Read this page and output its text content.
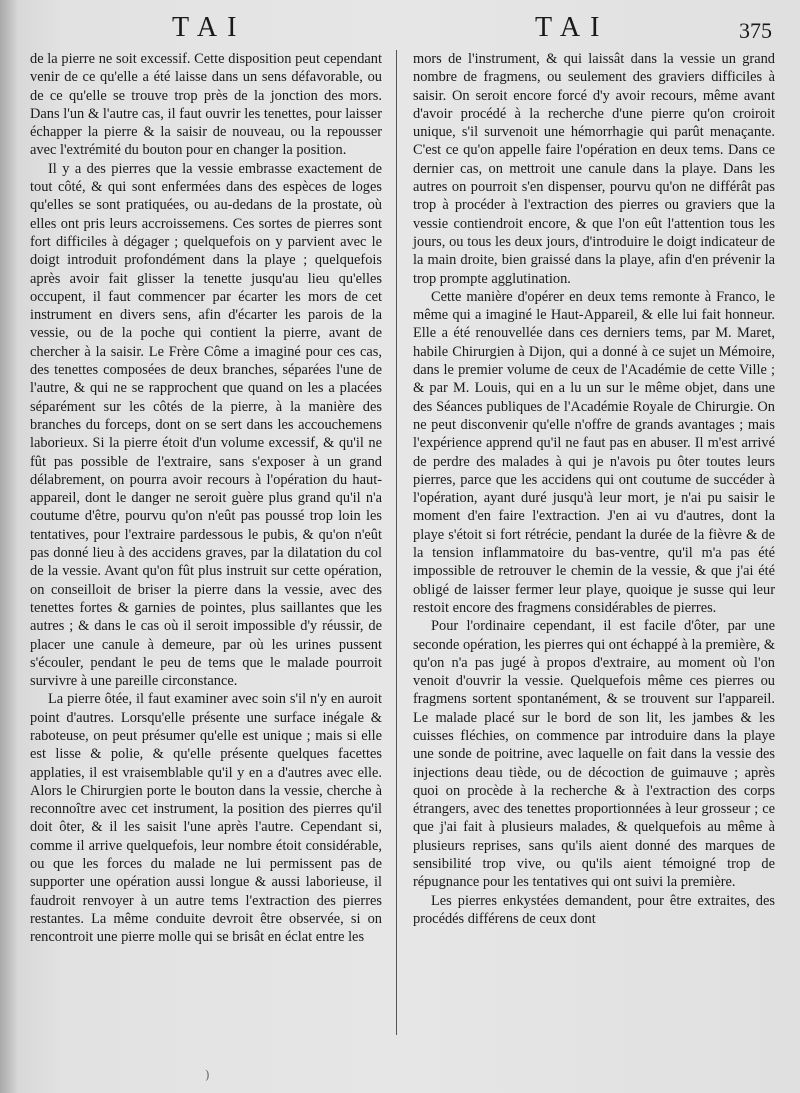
TAI	TAI	375

de la pierre ne soit excessif. Cette disposition peut cependant venir de ce qu'elle a été laisse dans un sens défavorable, ou de ce qu'elle se trouve trop près de la jonction des mors. Dans l'un & l'autre cas, il faut ouvrir les tenettes, pour laisser échapper la pierre & la saisir de nouveau, ou la repousser avec l'extrémité du bouton pour en changer la position.

Il y a des pierres que la vessie embrasse exactement de tout côté, & qui sont enfermées dans des espèces de loges qu'elles se sont pratiquées, ou au-dedans de la prostate, où elles ont pris leurs accroissemens. Ces sortes de pierres sont fort difficiles à dégager ; quelquefois on y parvient avec le doigt introduit profondément dans la playe ; quelquefois après avoir fait glisser la tenette jusqu'au lieu qu'elles occupent, il faut commencer par écarter les mors de cet instrument en divers sens, afin d'écarter les parois de la vessie, ou de la poche qui contient la pierre, avant de chercher à la saisir. Le Frère Côme a imaginé pour ces cas, des tenettes composées de deux branches, séparées l'une de l'autre, & qui ne se rapprochent que quand on les a placées séparément sur les côtés de la pierre, à la manière des branches du forceps, dont on se sert dans les accouchemens laborieux. Si la pierre étoit d'un volume excessif, & qu'il ne fût pas possible de l'extraire, sans s'exposer à un grand délabrement, on pourra avoir recours à l'opération du haut-appareil, dont le danger ne seroit guère plus grand qu'il n'a coutume d'être, pourvu qu'on n'eût pas poussé trop loin les tentatives, pour l'extraire pardessous le pubis, & qu'on n'eût pas donné lieu à des accidens graves, par la dilatation du col de la vessie. Avant qu'on fût plus instruit sur cette opération, on conseilloit de briser la pierre dans la vessie, avec des tenettes fortes & garnies de pointes, plus saillantes que les autres ; & dans le cas où il seroit impossible d'y réussir, de placer une canule à demeure, par où les urines pussent s'écouler, pendant le peu de tems que le malade pourroit survivre à une pareille circonstance.

La pierre ôtée, il faut examiner avec soin s'il n'y en auroit point d'autres. Lorsqu'elle présente une surface inégale & raboteuse, on peut présumer qu'elle est unique ; mais si elle est lisse & polie, & qu'elle présente quelques facettes applaties, il est vraisemblable qu'il y en a d'autres avec elle. Alors le Chirurgien porte le bouton dans la vessie, cherche à reconnoître avec cet instrument, la position des pierres qu'il doit ôter, & il les saisit l'une après l'autre. Cependant si, comme il arrive quelquefois, leur nombre étoit considérable, ou que les forces du malade ne lui permissent pas de supporter une opération aussi longue & aussi laborieuse, il faudroit renvoyer à un autre tems l'extraction des pierres restantes. La même conduite devroit être observée, si on rencontroit une pierre molle qui se brisât en éclat entre les

mors de l'instrument, & qui laissât dans la vessie un grand nombre de fragmens, ou seulement des graviers difficiles à saisir. On seroit encore forcé d'y avoir recours, même avant d'avoir procédé à la recherche d'une pierre qu'on croiroit unique, s'il survenoit une hémorrhagie qui parût menaçante. C'est ce qu'on appelle faire l'opération en deux tems. Dans ce dernier cas, on mettroit une canule dans la playe. Dans les autres on pourroit s'en dispenser, pourvu qu'on ne différât pas trop à procéder à l'extraction des pierres ou graviers que la vessie contiendroit encore, & que l'on eût l'attention tous les jours, ou tous les deux jours, d'introduire le doigt indicateur de la main droite, bien graissé dans la playe, afin d'en prévenir la trop prompte agglutination.

Cette manière d'opérer en deux tems remonte à Franco, le même qui a imaginé le Haut-Appareil, & elle lui fait honneur. Elle a été renouvellée dans ces derniers tems, par M. Maret, habile Chirurgien à Dijon, qui a donné à ce sujet un Mémoire, dans le premier volume de ceux de l'Académie de cette Ville ; & par M. Louis, qui en a lu un sur le même objet, dans une des Séances publiques de l'Académie Royale de Chirurgie. On ne peut disconvenir qu'elle n'offre de grands avantages ; mais l'expérience apprend qu'il ne faut pas en abuser. Il m'est arrivé de perdre des malades à qui je n'avois pu ôter toutes leurs pierres, parce que les accidens qui ont coutume de succéder à l'opération, ayant duré jusqu'à leur mort, je n'ai pu saisir le moment d'en faire l'extraction. J'en ai vu d'autres, dont la playe s'étoit si fort rétrécie, pendant la durée de la fièvre & de la tension inflammatoire du bas-ventre, qu'il m'a pas été impossible de retrouver le chemin de la vessie, & que j'ai été obligé de laisser fermer leur playe, quoique je susse qui leur restoit encore des fragmens considérables de pierres.

Pour l'ordinaire cependant, il est facile d'ôter, par une seconde opération, les pierres qui ont échappé à la première, & qu'on n'a pas jugé à propos d'extraire, au moment où l'on venoit d'ouvrir la vessie. Quelquefois même ces pierres ou fragmens sortent spontanément, & se trouvent sur l'appareil. Le malade placé sur le bord de son lit, les jambes & les cuisses fléchies, on commence par introduire dans la playe une sonde de poitrine, avec laquelle on fait dans la vessie des injections deau tiède, ou de décoction de guimauve ; après quoi on procède à la recherche & à l'extraction des corps étrangers, avec des tenettes proportionnées à leur grosseur ; ce que j'ai fait à plusieurs malades, & quelquefois au même à plusieurs reprises, sans qu'ils aient donné des marques de sensibilité trop vive, ou qu'ils aient témoigné trop de répugnance pour les tentatives qui ont suivi la première.

Les pierres enkystées demandent, pour être extraites, des procédés différens de ceux dont

)
